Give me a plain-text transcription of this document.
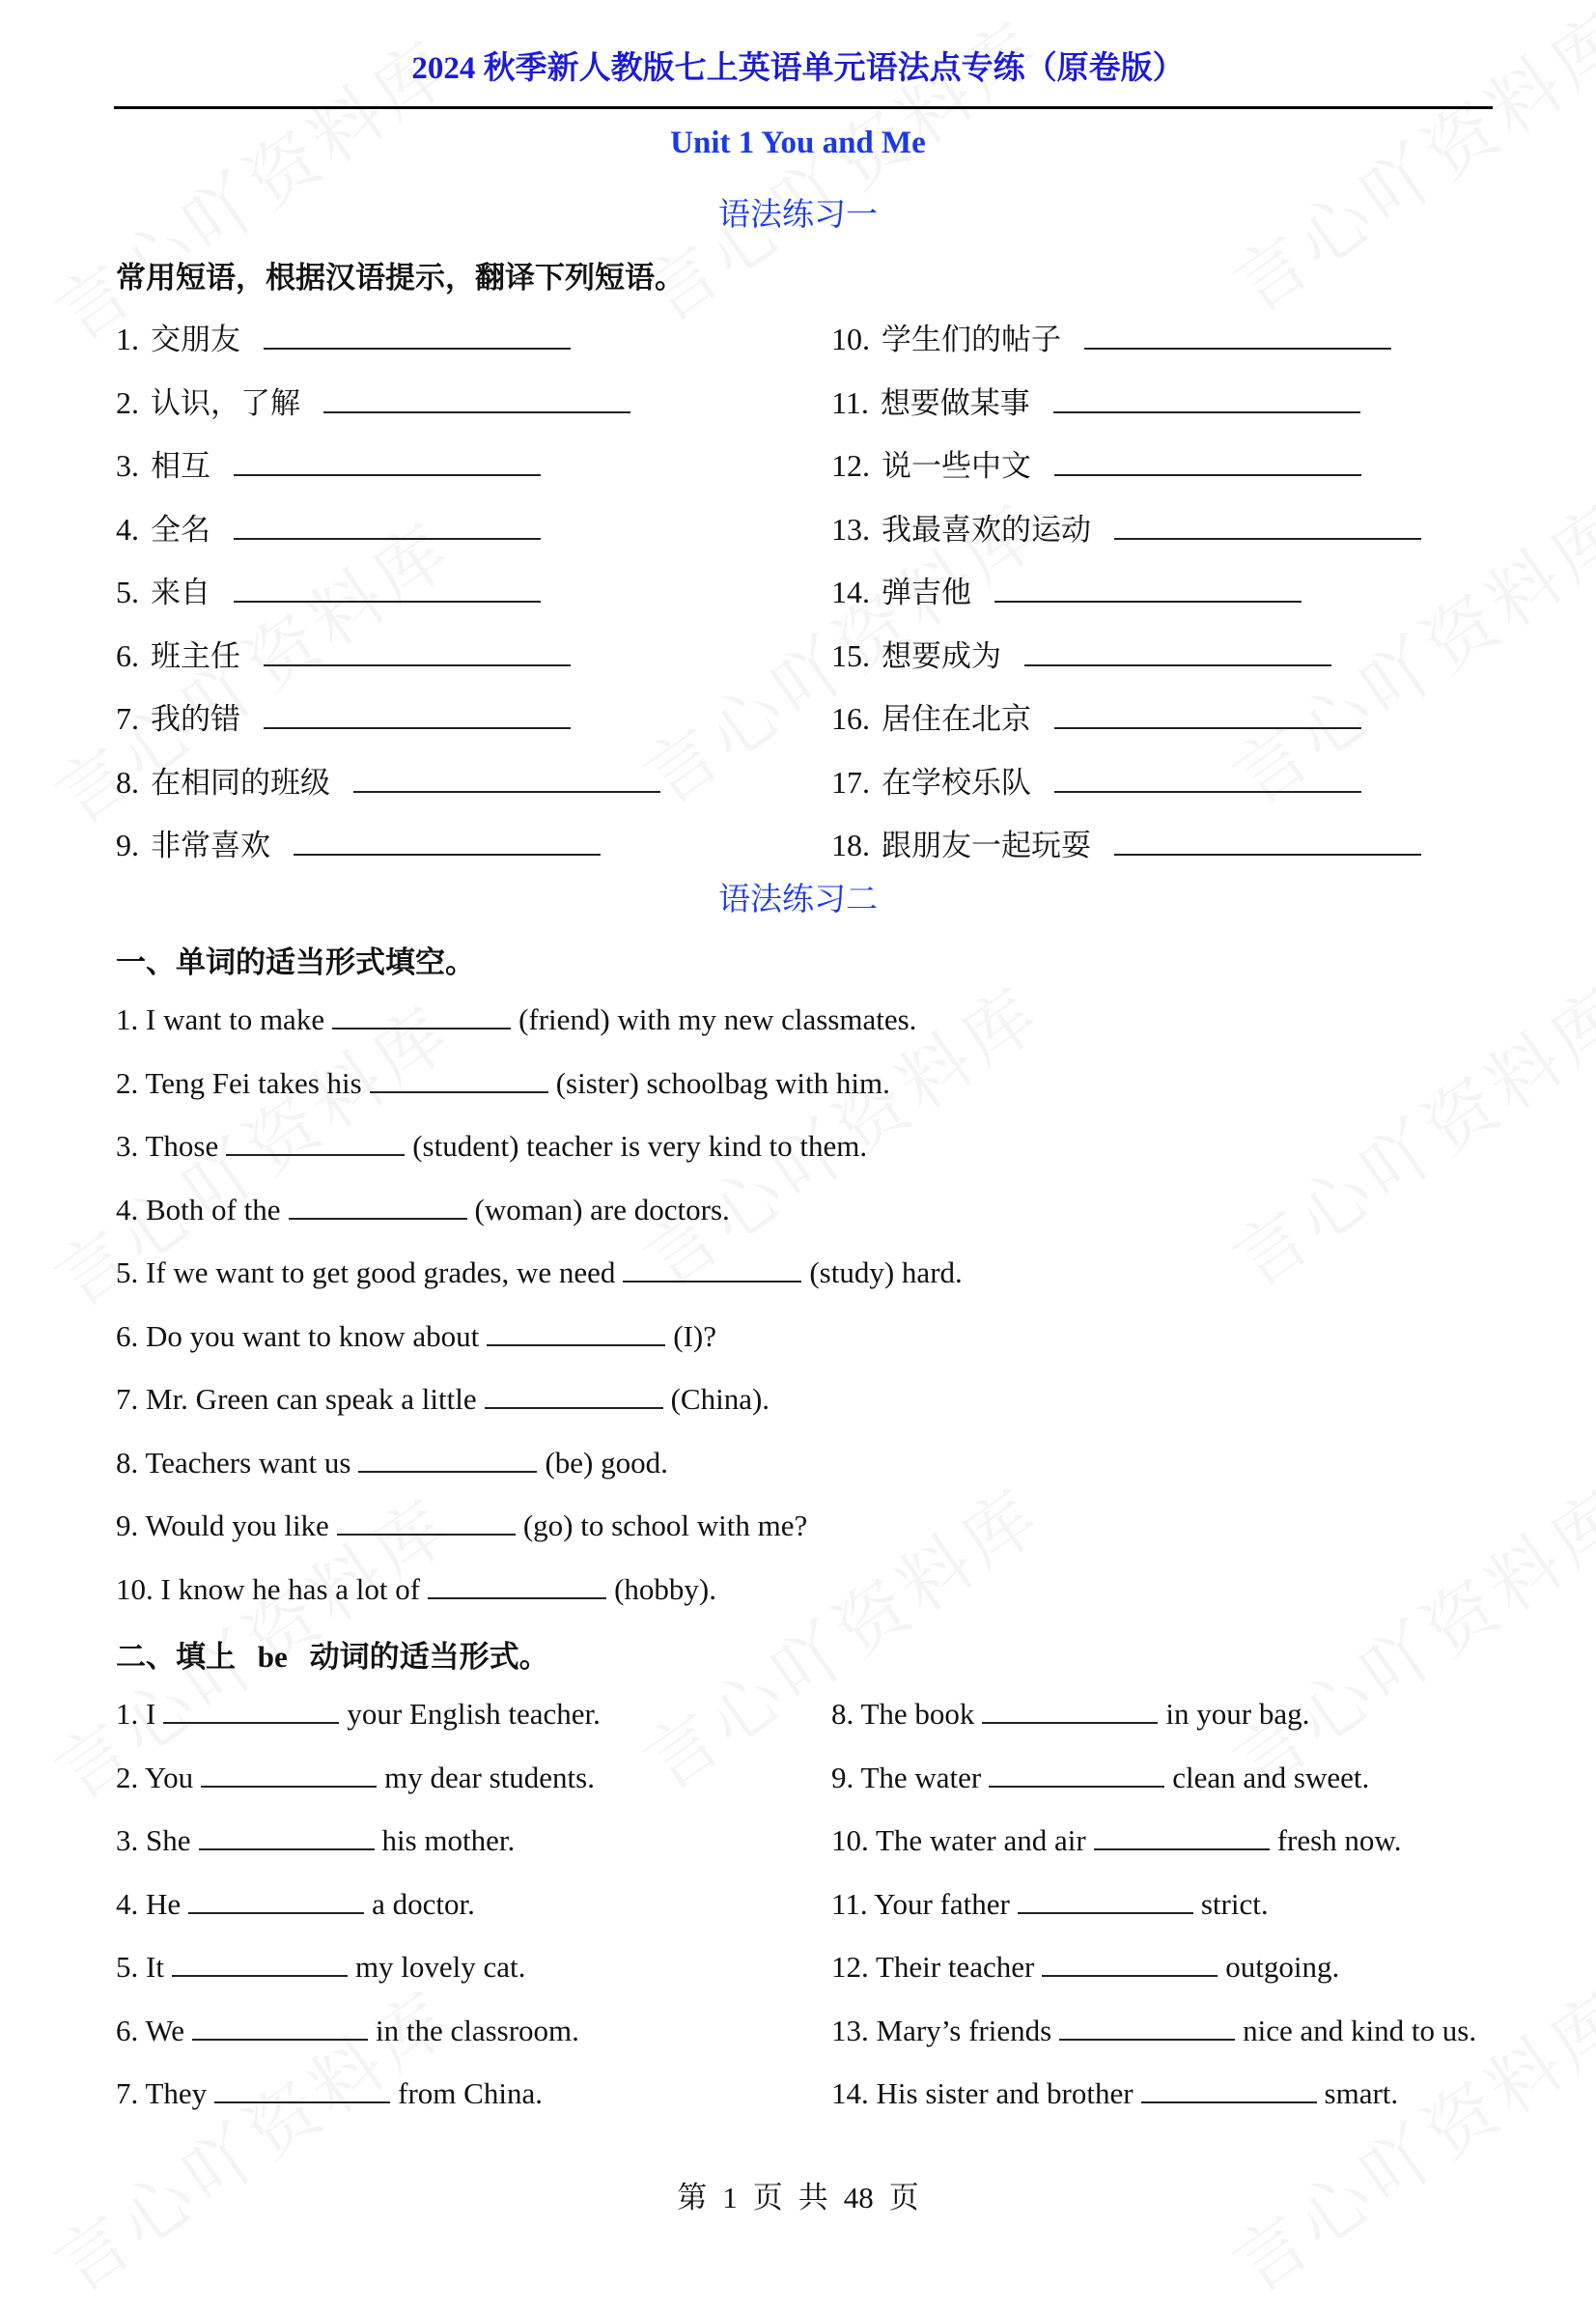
2024 秋季新人教版七上英语单元语法点专练（原卷版）
Unit 1 You and Me
语法练习一
常用短语，根据汉语提示，翻译下列短语。
1. 交朋友
2. 认识，了解
3. 相互
4. 全名
5. 来自
6. 班主任
7. 我的错
8. 在相同的班级
9. 非常喜欢
10. 学生们的帖子
11. 想要做某事
12. 说一些中文
13. 我最喜欢的运动
14. 弹吉他
15. 想要成为
16. 居住在北京
17. 在学校乐队
18. 跟朋友一起玩耍
语法练习二
一、单词的适当形式填空。
1. I want to make	(friend) with my new classmates.
2. Teng Fei takes his	(sister) schoolbag with him.
3. Those	(student) teacher is very kind to them.
4. Both of the	(woman) are doctors.
5. If we want to get good grades, we need	(study) hard.
6. Do you want to know about	(I)?
7. Mr. Green can speak a little	(China).
8. Teachers want us	(be) good.
9. Would you like	(go) to school with me?
10. I know he has a lot of	(hobby).
二、填上 be 动词的适当形式。
1. I	your English teacher.
2. You	my dear students.
3. She	his mother.
4. He	a doctor.
5. It	my lovely cat.
6. We	in the classroom.
7. They	from China.
8. The book	in your bag.
9. The water	clean and sweet.
10. The water and air	fresh now.
11. Your father	strict.
12. Their teacher	outgoing.
13. Mary’s friends	nice and kind to us.
14. His sister and brother	smart.
第 1 页 共 48 页
